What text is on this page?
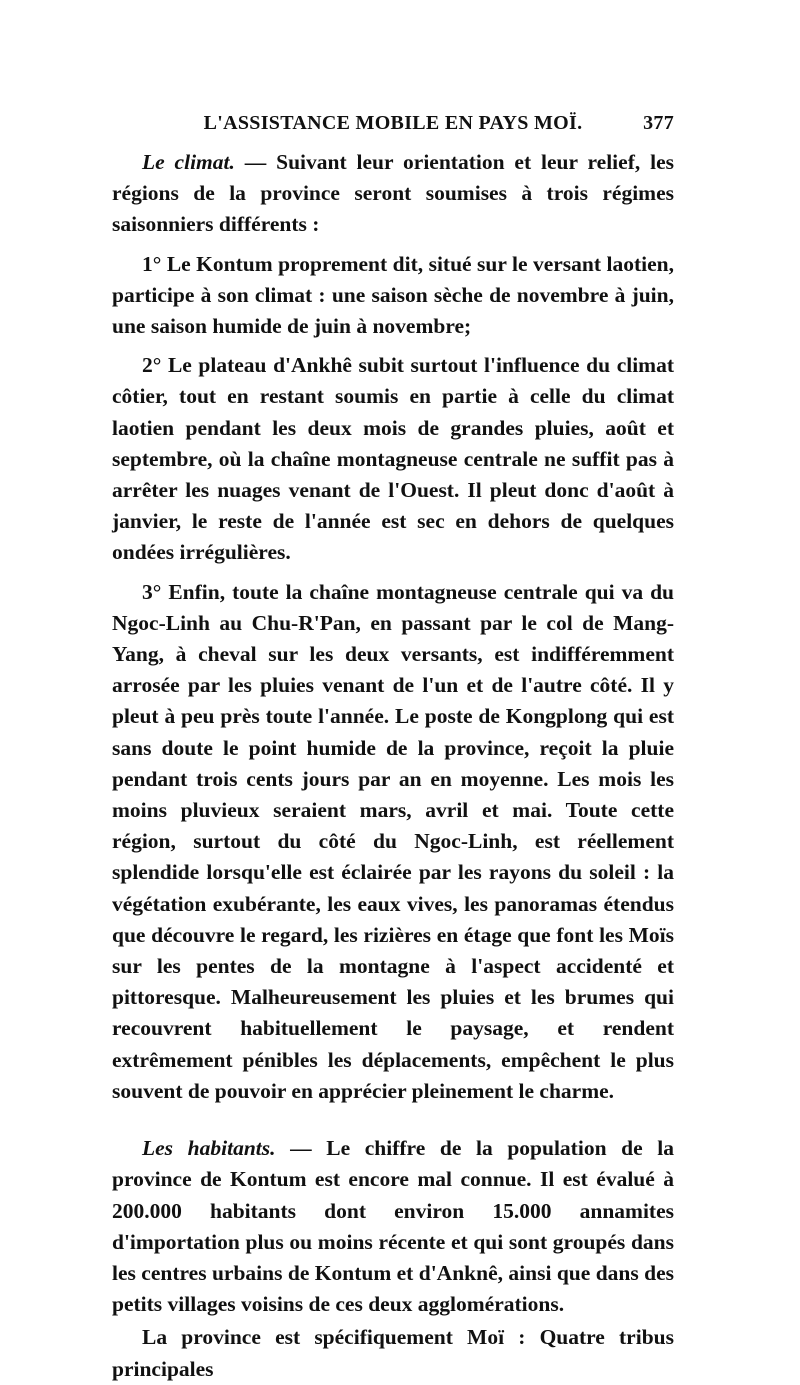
L'ASSISTANCE MOBILE EN PAYS MOÏ.	377

Le climat. — Suivant leur orientation et leur relief, les régions de la province seront soumises à trois régimes saisonniers différents :

1° Le Kontum proprement dit, situé sur le versant laotien, participe à son climat : une saison sèche de novembre à juin, une saison humide de juin à novembre;

2° Le plateau d'Ankhê subit surtout l'influence du climat côtier, tout en restant soumis en partie à celle du climat laotien pendant les deux mois de grandes pluies, août et septembre, où la chaîne montagneuse centrale ne suffit pas à arrêter les nuages venant de l'Ouest. Il pleut donc d'août à janvier, le reste de l'année est sec en dehors de quelques ondées irrégulières.

3° Enfin, toute la chaîne montagneuse centrale qui va du Ngoc-Linh au Chu-R'Pan, en passant par le col de Mang-Yang, à cheval sur les deux versants, est indifféremment arrosée par les pluies venant de l'un et de l'autre côté. Il y pleut à peu près toute l'année. Le poste de Kongplong qui est sans doute le point humide de la province, reçoit la pluie pendant trois cents jours par an en moyenne. Les mois les moins pluvieux seraient mars, avril et mai. Toute cette région, surtout du côté du Ngoc-Linh, est réellement splendide lorsqu'elle est éclairée par les rayons du soleil : la végétation exubérante, les eaux vives, les panoramas étendus que découvre le regard, les rizières en étage que font les Moïs sur les pentes de la montagne à l'aspect accidenté et pittoresque. Malheureusement les pluies et les brumes qui recouvrent habituellement le paysage, et rendent extrêmement pénibles les déplacements, empêchent le plus souvent de pouvoir en apprécier pleinement le charme.

Les habitants. — Le chiffre de la population de la province de Kontum est encore mal connue. Il est évalué à 200.000 habitants dont environ 15.000 annamites d'importation plus ou moins récente et qui sont groupés dans les centres urbains de Kontum et d'Anknê, ainsi que dans des petits villages voisins de ces deux agglomérations.

La province est spécifiquement Moï : Quatre tribus principales
